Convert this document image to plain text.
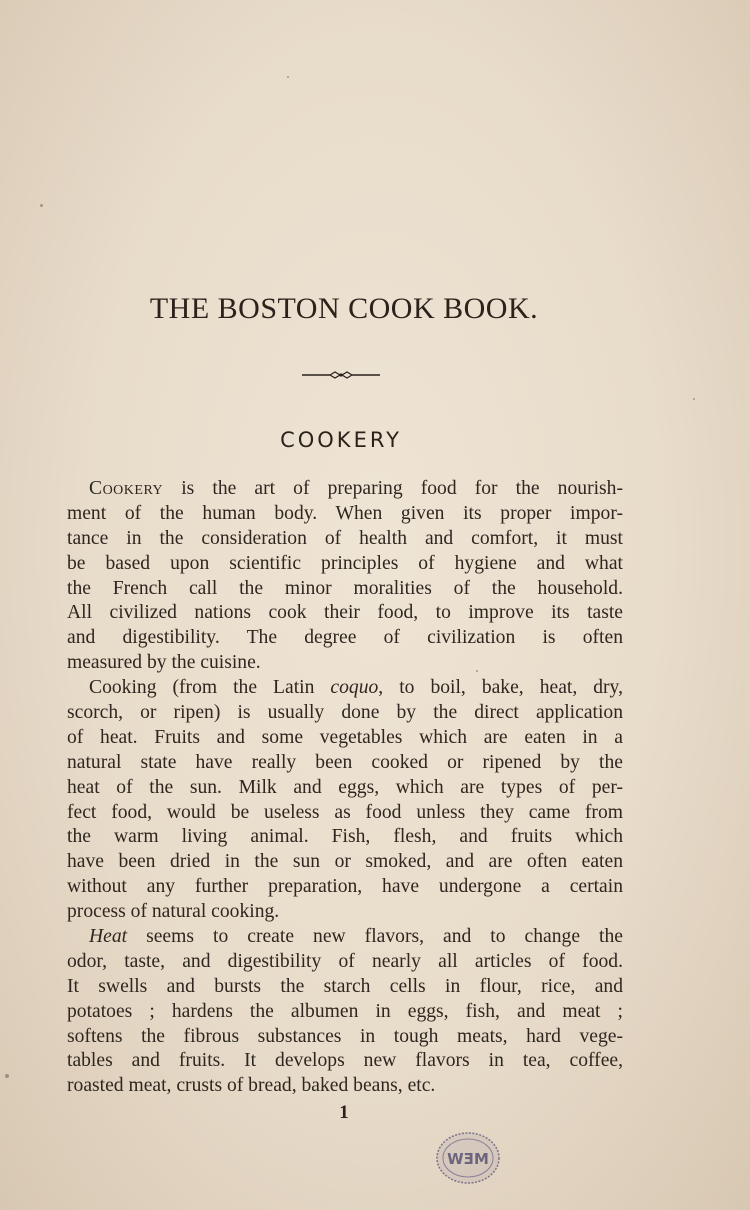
THE BOSTON COOK BOOK.
COOKERY
Cookery is the art of preparing food for the nourish-
ment of the human body. When given its proper impor-
tance in the consideration of health and comfort, it must
be based upon scientific principles of hygiene and what
the French call the minor moralities of the household.
All civilized nations cook their food, to improve its taste
and digestibility. The degree of civilization is often
measured by the cuisine.
Cooking (from the Latin coquo, to boil, bake, heat, dry,
scorch, or ripen) is usually done by the direct application
of heat. Fruits and some vegetables which are eaten in a
natural state have really been cooked or ripened by the
heat of the sun. Milk and eggs, which are types of per-
fect food, would be useless as food unless they came from
the warm living animal. Fish, flesh, and fruits which
have been dried in the sun or smoked, and are often eaten
without any further preparation, have undergone a certain
process of natural cooking.
Heat seems to create new flavors, and to change the
odor, taste, and digestibility of nearly all articles of food.
It swells and bursts the starch cells in flour, rice, and
potatoes ; hardens the albumen in eggs, fish, and meat ;
softens the fibrous substances in tough meats, hard vege-
tables and fruits. It develops new flavors in tea, coffee,
roasted meat, crusts of bread, baked beans, etc.
1
MEW
